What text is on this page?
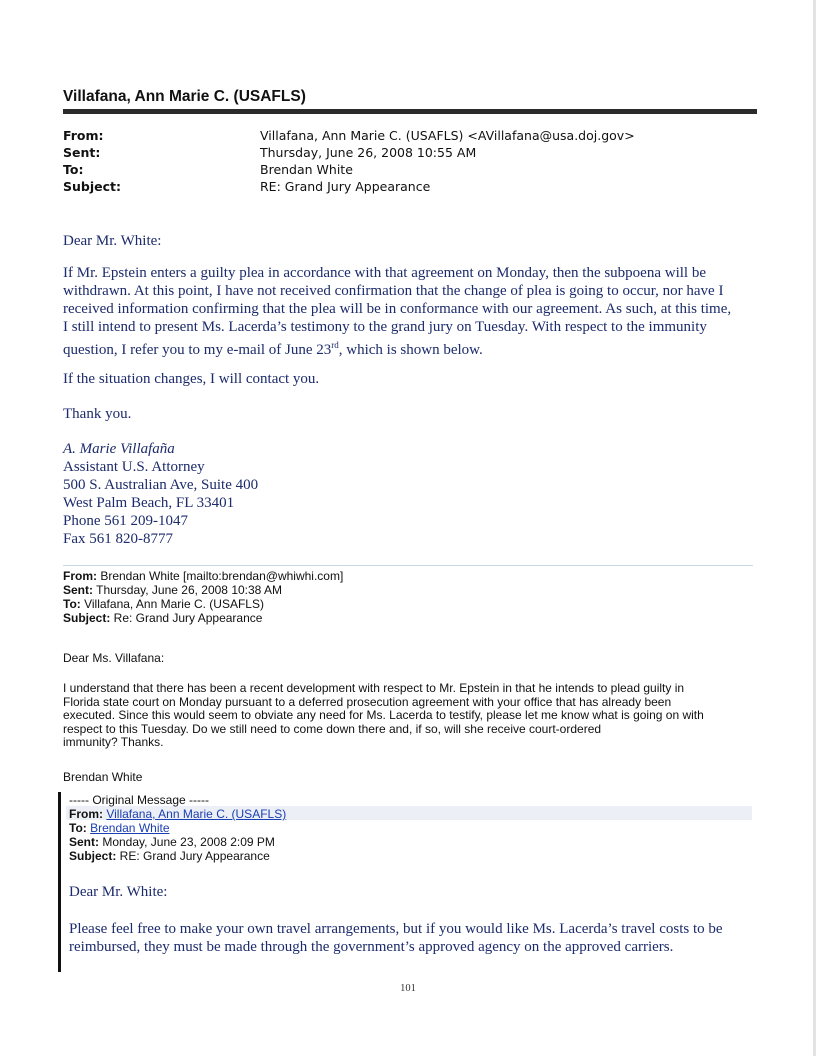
Villafana, Ann Marie C. (USAFLS)
From:
Sent:
To:
Subject:
Villafana, Ann Marie C. (USAFLS) <AVillafana@usa.doj.gov>
Thursday, June 26, 2008 10:55 AM
Brendan White
RE: Grand Jury Appearance
Dear Mr. White:
If Mr. Epstein enters a guilty plea in accordance with that agreement on Monday, then the subpoena will be
withdrawn. At this point, I have not received confirmation that the change of plea is going to occur, nor have I
received information confirming that the plea will be in conformance with our agreement. As such, at this time,
I still intend to present Ms. Lacerda’s testimony to the grand jury on Tuesday. With respect to the immunity
question, I refer you to my e-mail of June 23rd, which is shown below.
If the situation changes, I will contact you.
Thank you.
A. Marie Villafaña
Assistant U.S. Attorney
500 S. Australian Ave, Suite 400
West Palm Beach, FL 33401
Phone 561 209-1047
Fax 561 820-8777
From: Brendan White [mailto:brendan@whiwhi.com]
Sent: Thursday, June 26, 2008 10:38 AM
To: Villafana, Ann Marie C. (USAFLS)
Subject: Re: Grand Jury Appearance
Dear Ms. Villafana:
I understand that there has been a recent development with respect to Mr. Epstein in that he intends to plead guilty in
Florida state court on Monday pursuant to a deferred prosecution agreement with your office that has already been
executed. Since this would seem to obviate any need for Ms. Lacerda to testify, please let me know what is going on with
respect to this Tuesday. Do we still need to come down there and, if so, will she receive court-ordered
immunity? Thanks.
Brendan White
----- Original Message -----
From: Villafana, Ann Marie C. (USAFLS)
To: Brendan White
Sent: Monday, June 23, 2008 2:09 PM
Subject: RE: Grand Jury Appearance
Dear Mr. White:
Please feel free to make your own travel arrangements, but if you would like Ms. Lacerda’s travel costs to be
reimbursed, they must be made through the government’s approved agency on the approved carriers.
101
